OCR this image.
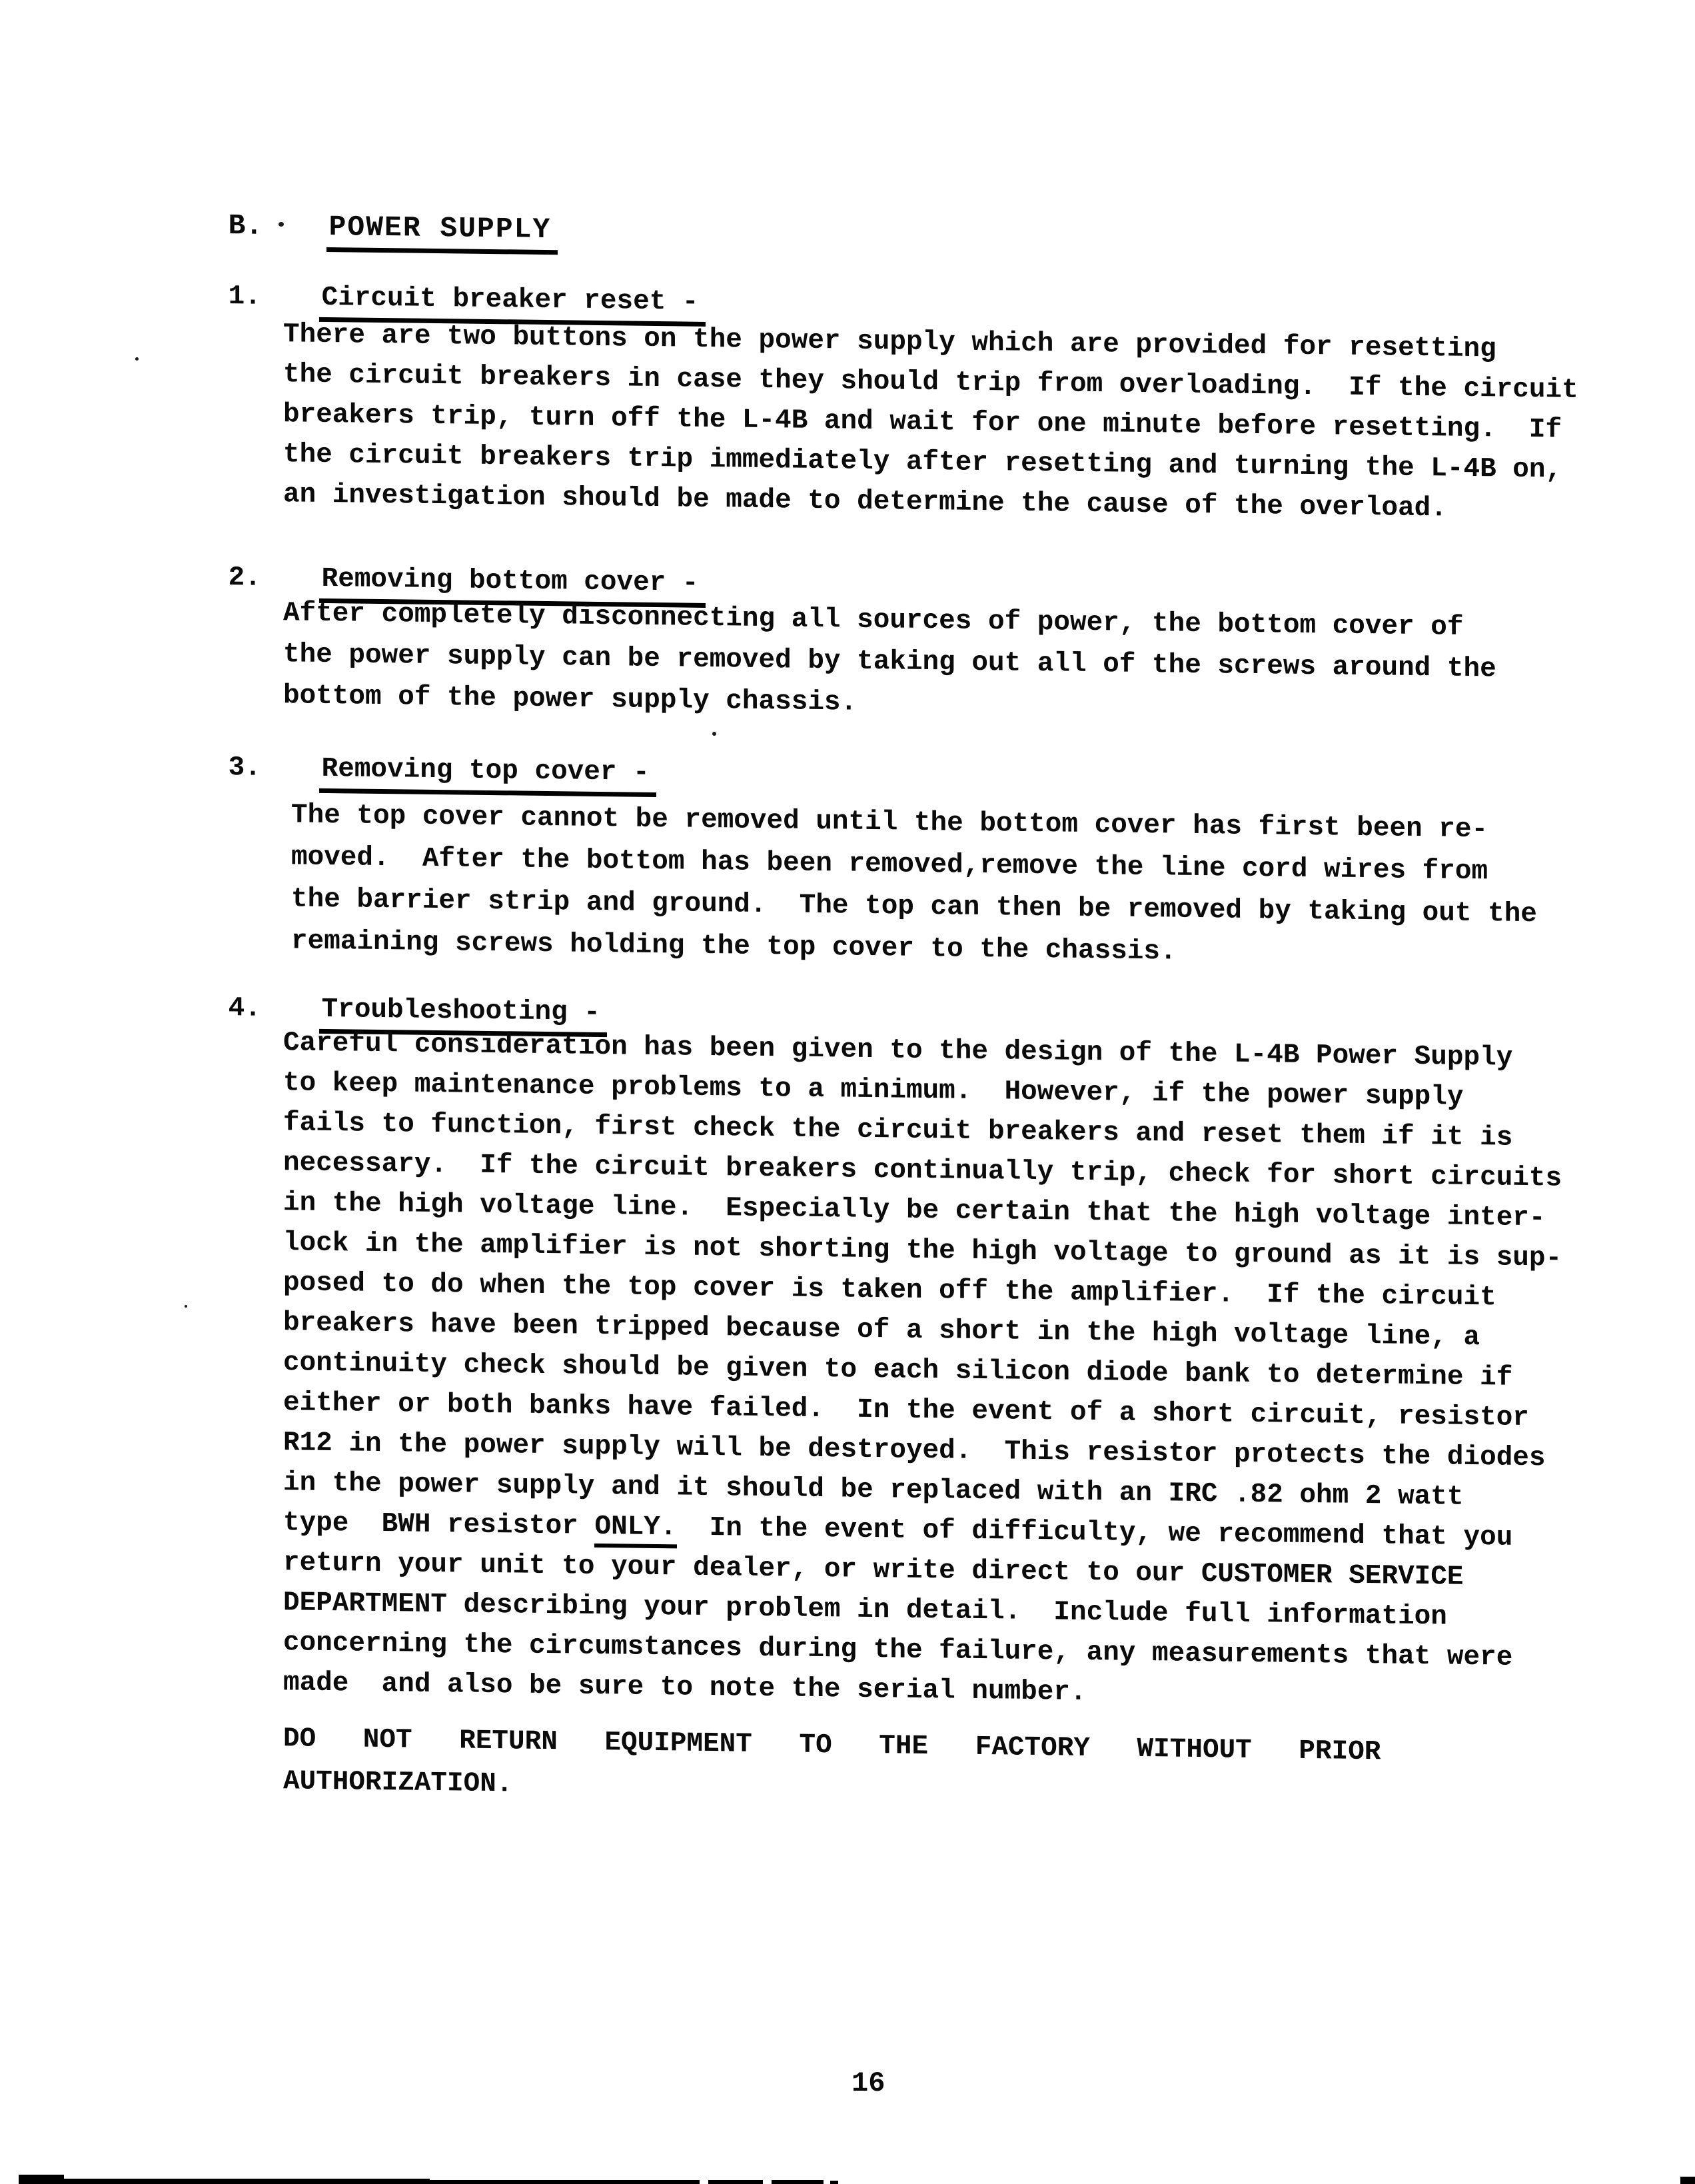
B. POWER SUPPLY

1. Circuit breaker reset -

There are two buttons on the power supply which are provided for resetting
the circuit breakers in case they should trip from overloading.  If the circuit
breakers trip, turn off the L-4B and wait for one minute before resetting.  If
the circuit breakers trip immediately after resetting and turning the L-4B on,
an investigation should be made to determine the cause of the overload.

2. Removing bottom cover -

After completely disconnecting all sources of power, the bottom cover of
the power supply can be removed by taking out all of the screws around the
bottom of the power supply chassis.

3. Removing top cover -

The top cover cannot be removed until the bottom cover has first been re-
moved.  After the bottom has been removed,remove the line cord wires from
the barrier strip and ground.  The top can then be removed by taking out the
remaining screws holding the top cover to the chassis.

4. Troubleshooting -

Careful consideration has been given to the design of the L-4B Power Supply
to keep maintenance problems to a minimum.  However, if the power supply
fails to function, first check the circuit breakers and reset them if it is
necessary.  If the circuit breakers continually trip, check for short circuits
in the high voltage line.  Especially be certain that the high voltage inter-
lock in the amplifier is not shorting the high voltage to ground as it is sup-
posed to do when the top cover is taken off the amplifier.  If the circuit
breakers have been tripped because of a short in the high voltage line, a
continuity check should be given to each silicon diode bank to determine if
either or both banks have failed.  In the event of a short circuit, resistor
R12 in the power supply will be destroyed.  This resistor protects the diodes
in the power supply and it should be replaced with an IRC .82 ohm 2 watt
type  BWH resistor ONLY.  In the event of difficulty, we recommend that you
return your unit to your dealer, or write direct to our CUSTOMER SERVICE
DEPARTMENT describing your problem in detail.  Include full information
concerning the circumstances during the failure, any measurements that were
made  and also be sure to note the serial number.
DO NOT RETURN EQUIPMENT TO THE FACTORY WITHOUT PRIOR
AUTHORIZATION.
16
